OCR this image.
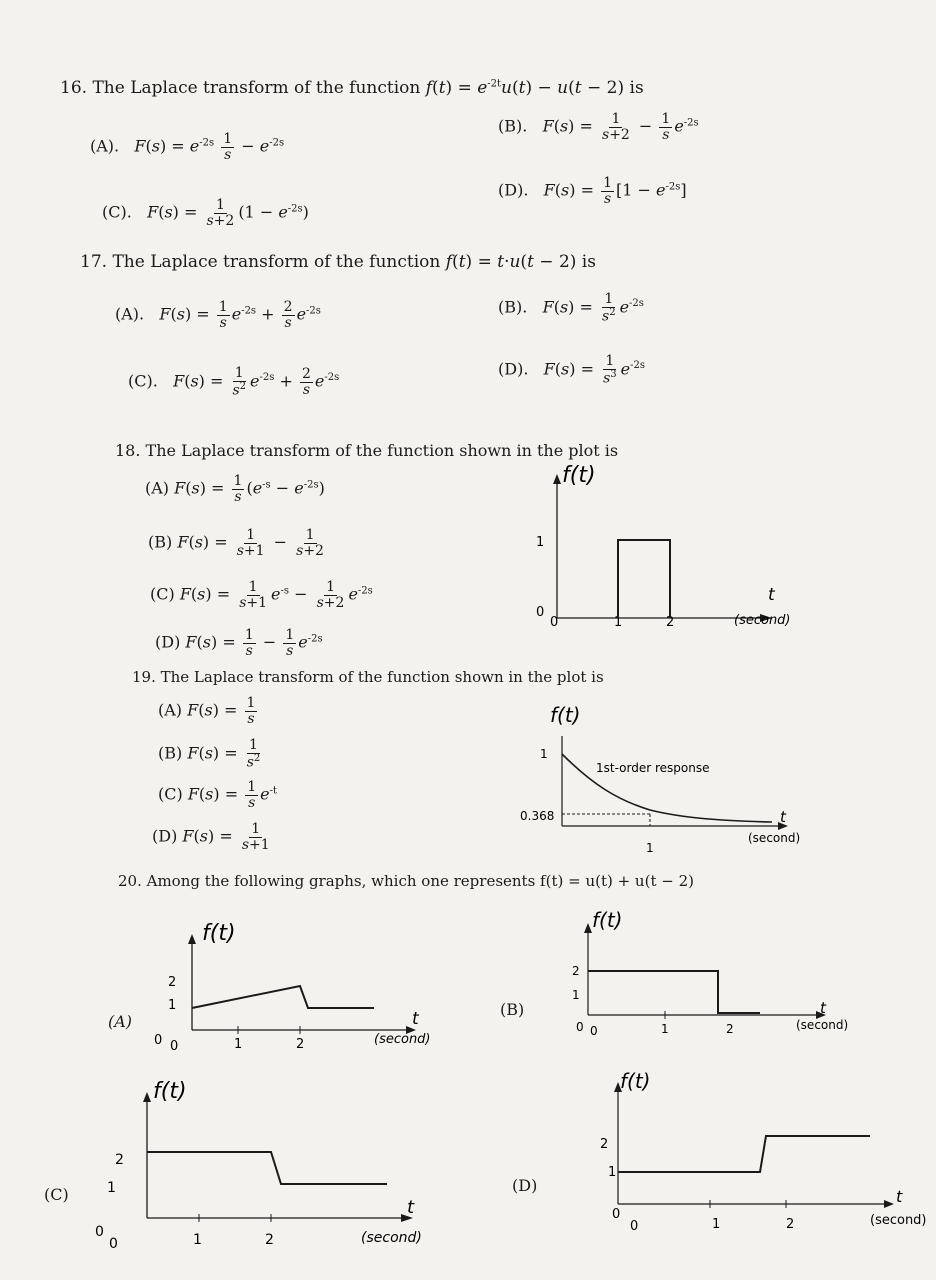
16. The Laplace transform of the function $f(t) = e^{-2t}u(t) - u(t - 2)$ is
(A). $F(s) = e^{-2s} \frac{1}{s} - e^{-2s}$
(B). $F(s) = \frac{1}{s+2} - \frac{1}{s} e^{-2s}$
(C). $F(s) = \frac{1}{s+2} (1 - e^{-2s})$
(D). $F(s) = \frac{1}{s} [1 - e^{-2s}]$
17. The Laplace transform of the function f(t) = t·u(t − 2) is
(A). $F(s) = \frac{1}{s} e^{-2s} + \frac{2}{s} e^{-2s}$	(B). $F(s) = \frac{1}{s^2} e^{-2s}$
(C). $F(s) = \frac{1}{s^2} e^{-2s} + \frac{2}{s} e^{-2s}$	(D). $F(s) = \frac{1}{s^3} e^{-2s}$
18. The Laplace transform of the function shown in the plot is
(A) $F(s) = \frac{1}{s} (e^{-s} - e^{-2s})$
(B) $F(s) = \frac{1}{s+1} - \frac{1}{s+2}$
(C) $F(s) = \frac{1}{s+1} e^{-s} - \frac{1}{s+2} e^{-2s}$
(D) $F(s) = \frac{1}{s} - \frac{1}{s} e^{-2s}$
f(t)
1
0
0	1	2
t
(second)
19. The Laplace transform of the function shown in the plot is
(A) $F(s) = \frac{1}{s}$
(B) $F(s) = \frac{1}{s^2}$
(C) $F(s) = \frac{1}{s} e^{-t}$
(D) $F(s) = \frac{1}{s+1}$
f(t)
1
0.368
1
1st-order response
t
(second)
20. Among the following graphs, which one represents f(t) = u(t) + u(t − 2)
(A)
f(t)
2
1
0 0	1	2
t
(second)
(B)
f(t)
2
1
0 0	1	2
t
(second)
(C)
f(t)
2
1
0
0	1	2
t
(second)
(D)
f(t)
2
1
0
0	1	2
t
(second)
